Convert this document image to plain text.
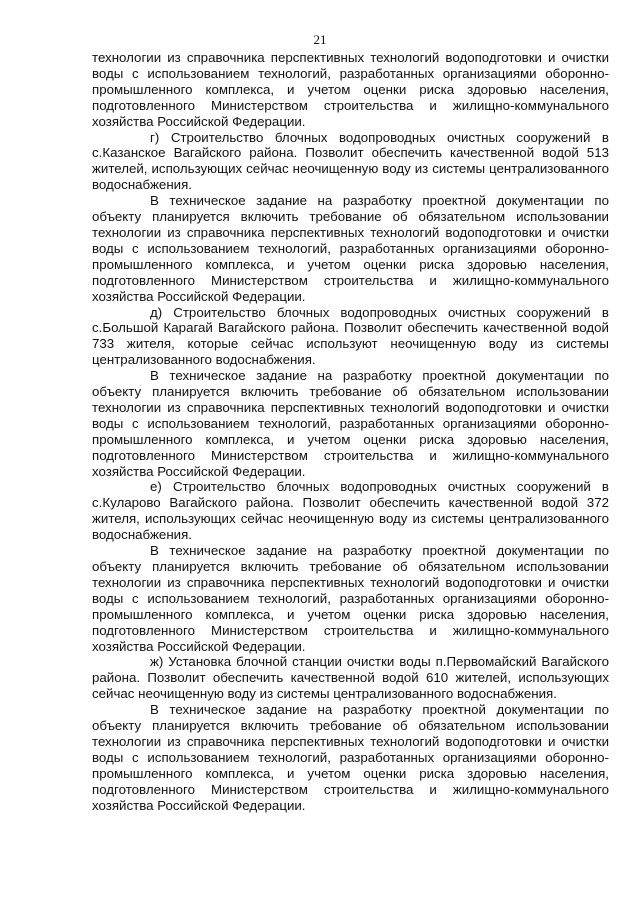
21

технологии из справочника перспективных технологий водоподготовки и очистки воды с использованием технологий, разработанных организациями оборонно-промышленного комплекса, и учетом оценки риска здоровью населения, подготовленного Министерством строительства и жилищно-коммунального хозяйства Российской Федерации.

г) Строительство блочных водопроводных очистных сооружений в с.Казанское Вагайского района. Позволит обеспечить качественной водой 513 жителей, использующих сейчас неочищенную воду из системы централизованного водоснабжения.

В техническое задание на разработку проектной документации по объекту планируется включить требование об обязательном использовании технологии из справочника перспективных технологий водоподготовки и очистки воды с использованием технологий, разработанных организациями оборонно-промышленного комплекса, и учетом оценки риска здоровью населения, подготовленного Министерством строительства и жилищно-коммунального хозяйства Российской Федерации.

д) Строительство блочных водопроводных очистных сооружений в с.Большой Карагай Вагайского района. Позволит обеспечить качественной водой 733 жителя, которые сейчас используют неочищенную воду из системы централизованного водоснабжения.

В техническое задание на разработку проектной документации по объекту планируется включить требование об обязательном использовании технологии из справочника перспективных технологий водоподготовки и очистки воды с использованием технологий, разработанных организациями оборонно-промышленного комплекса, и учетом оценки риска здоровью населения, подготовленного Министерством строительства и жилищно-коммунального хозяйства Российской Федерации.

е) Строительство блочных водопроводных очистных сооружений в с.Куларово Вагайского района. Позволит обеспечить качественной водой 372 жителя, использующих сейчас неочищенную воду из системы централизованного водоснабжения.

В техническое задание на разработку проектной документации по объекту планируется включить требование об обязательном использовании технологии из справочника перспективных технологий водоподготовки и очистки воды с использованием технологий, разработанных организациями оборонно-промышленного комплекса, и учетом оценки риска здоровью населения, подготовленного Министерством строительства и жилищно-коммунального хозяйства Российской Федерации.

ж) Установка блочной станции очистки воды п.Первомайский Вагайского района. Позволит обеспечить качественной водой 610 жителей, использующих сейчас неочищенную воду из системы централизованного водоснабжения.

В техническое задание на разработку проектной документации по объекту планируется включить требование об обязательном использовании технологии из справочника перспективных технологий водоподготовки и очистки воды с использованием технологий, разработанных организациями оборонно-промышленного комплекса, и учетом оценки риска здоровью населения, подготовленного Министерством строительства и жилищно-коммунального хозяйства Российской Федерации.
